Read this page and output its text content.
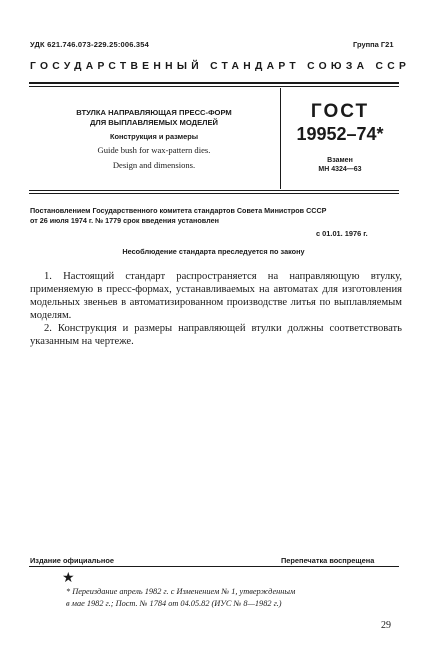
УДК 621.746.073-229.25:006.354	Группа Г21
ГОСУДАРСТВЕННЫЙ СТАНДАРТ СОЮЗА ССР
ВТУЛКА НАПРАВЛЯЮЩАЯ ПРЕСС-ФОРМ
ДЛЯ ВЫПЛАВЛЯЕМЫХ МОДЕЛЕЙ
Конструкция и размеры
Guide bush for wax-pattern dies.
Design and dimensions.
ГОСТ
19952–74*
Взамен
МН 4324—63
Постановлением Государственного комитета стандартов Совета Министров СССР
от 26 июля 1974 г. № 1779 срок введения установлен
с 01.01. 1976 г.
Несоблюдение стандарта преследуется по закону

1. Настоящий стандарт распространяется на направляющую втулку, применяемую в пресс-формах, устанавливаемых на автоматах для изготовления модельных звеньев в автоматизированном производстве литья по выплавляемым моделям.

2. Конструкция и размеры направляющей втулки должны соответствовать указанным на чертеже.

Издание официальное	Перепечатка воспрещена
★
* Переиздание апрель 1982 г. с Изменением № 1, утвержденным
в мае 1982 г.; Пост. № 1784 от 04.05.82 (ИУС № 8—1982 г.)
29
